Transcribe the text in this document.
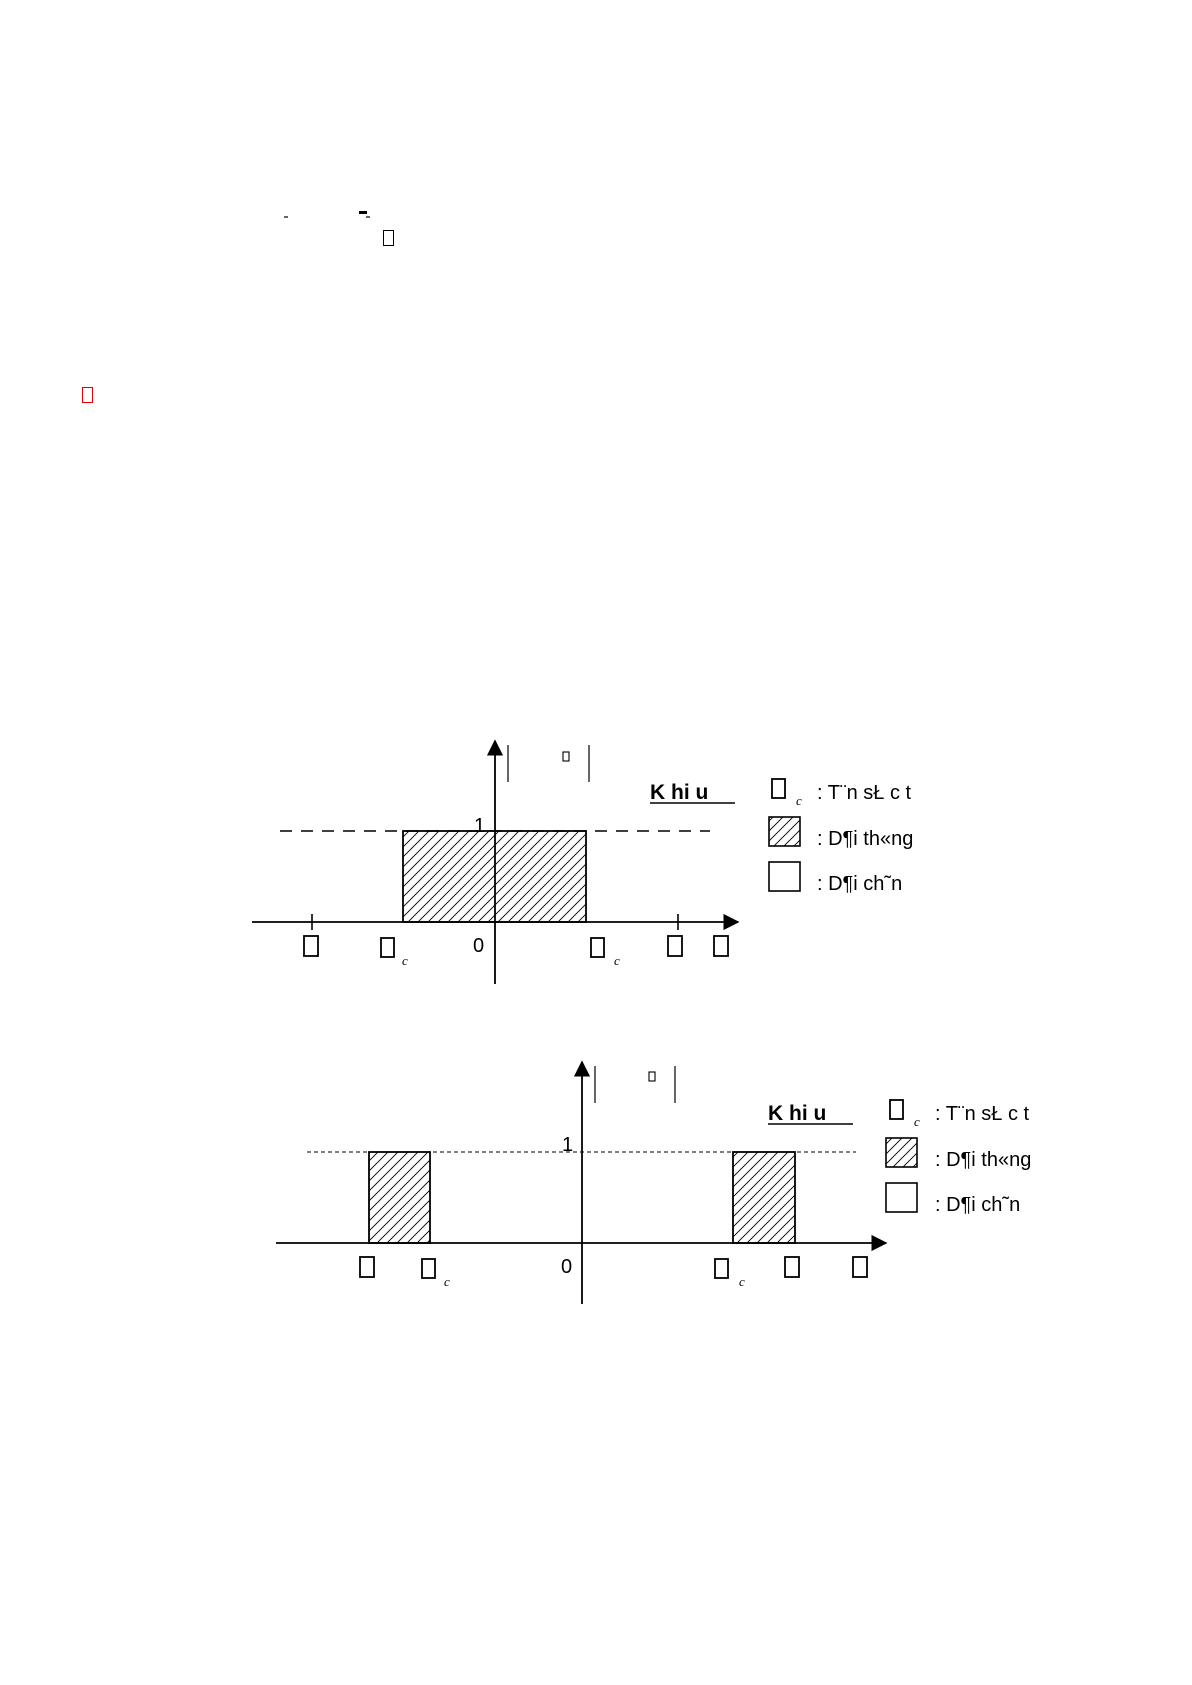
1
0
c	c
K hi u	c : T¨n sŁ c t
: D¶i th«ng
: D¶i ch˜n
1
0
c	c
K hi u	c : T¨n sŁ c t
: D¶i th«ng
: D¶i ch˜n
